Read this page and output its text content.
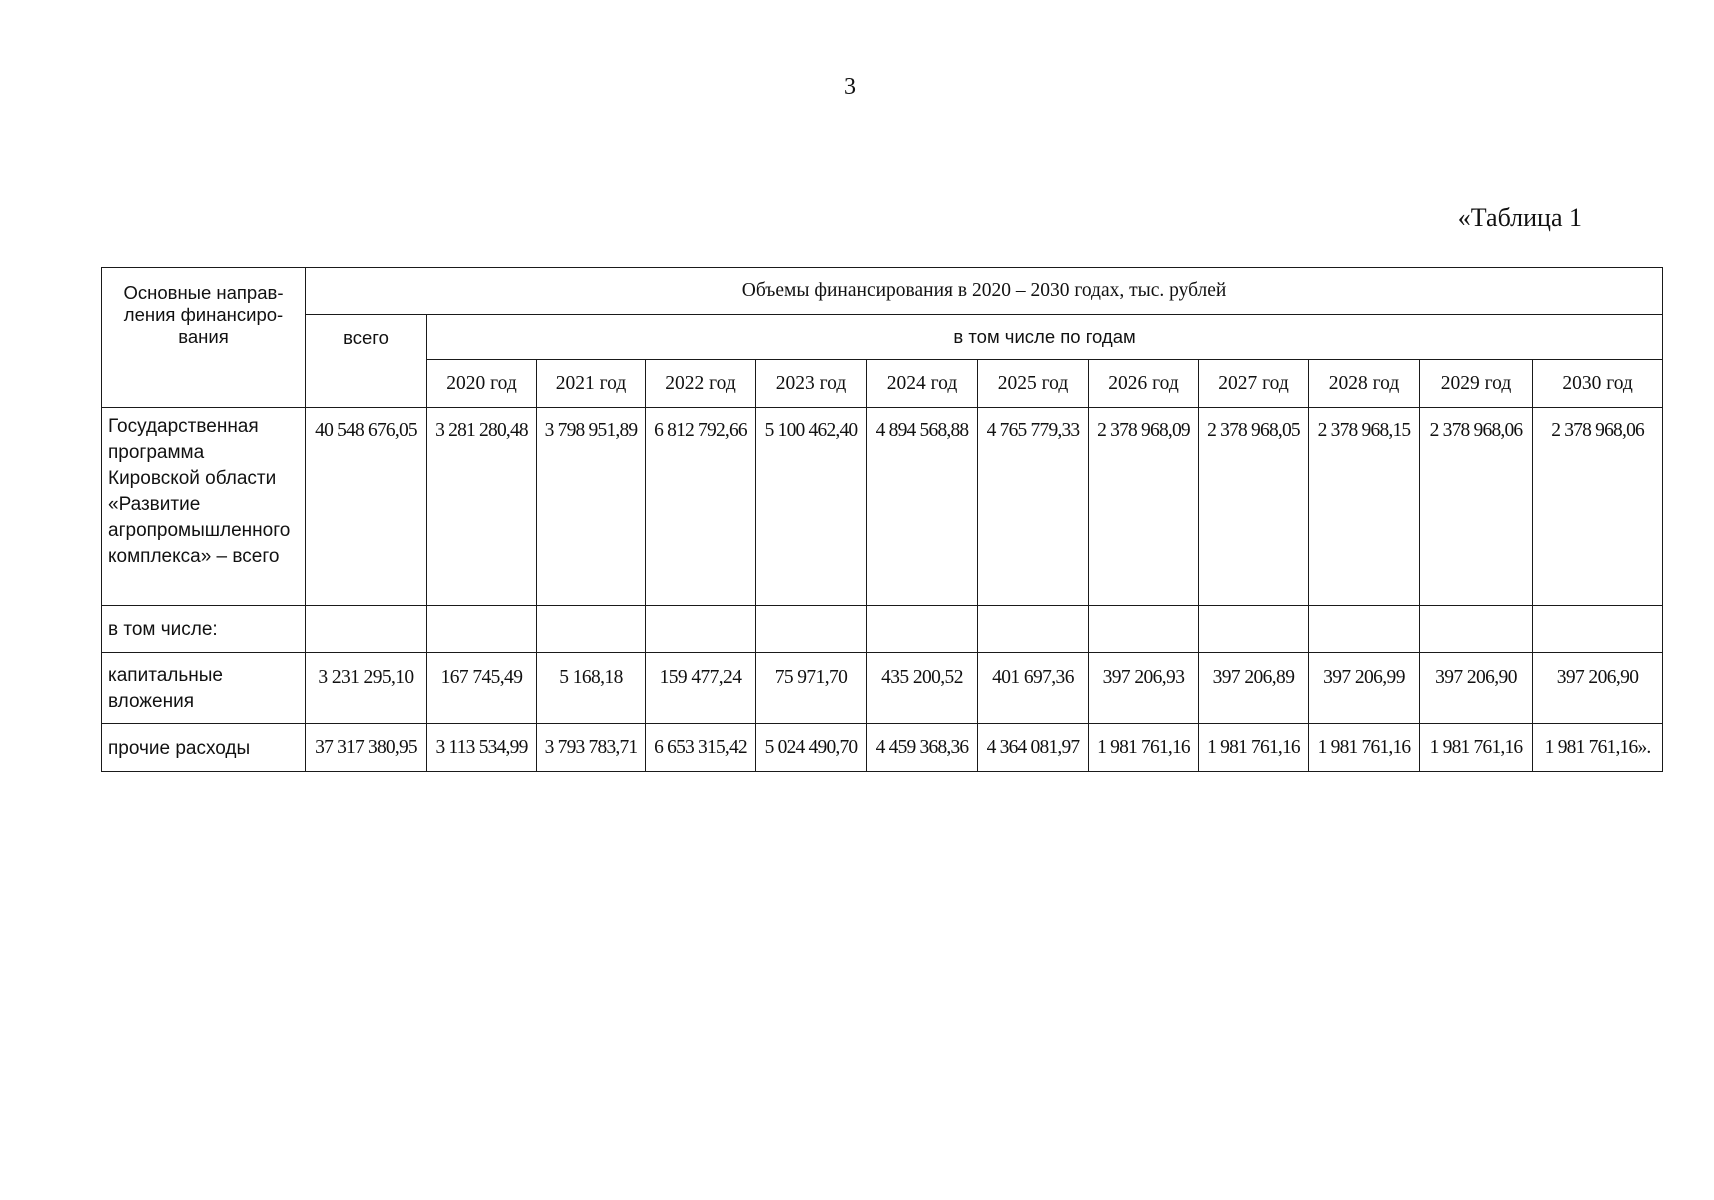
3
«Таблица 1
Основные направ-ления финансиро-вания	Объемы финансирования в 2020 – 2030 годах, тыс. рублей											
	всего	в том числе по годам										
		2020 год	2021 год	2022 год	2023 год	2024 год	2025 год	2026 год	2027 год	2028 год	2029 год	2030 год
Государственная программа Кировской области «Развитие агропромышленного комплекса» – всего	40 548 676,05	3 281 280,48	3 798 951,89	6 812 792,66	5 100 462,40	4 894 568,88	4 765 779,33	2 378 968,09	2 378 968,05	2 378 968,15	2 378 968,06	2 378 968,06
в том числе:												
капитальные вложения	3 231 295,10	167 745,49	5 168,18	159 477,24	75 971,70	435 200,52	401 697,36	397 206,93	397 206,89	397 206,99	397 206,90	397 206,90
прочие расходы	37 317 380,95	3 113 534,99	3 793 783,71	6 653 315,42	5 024 490,70	4 459 368,36	4 364 081,97	1 981 761,16	1 981 761,16	1 981 761,16	1 981 761,16	1 981 761,16».
